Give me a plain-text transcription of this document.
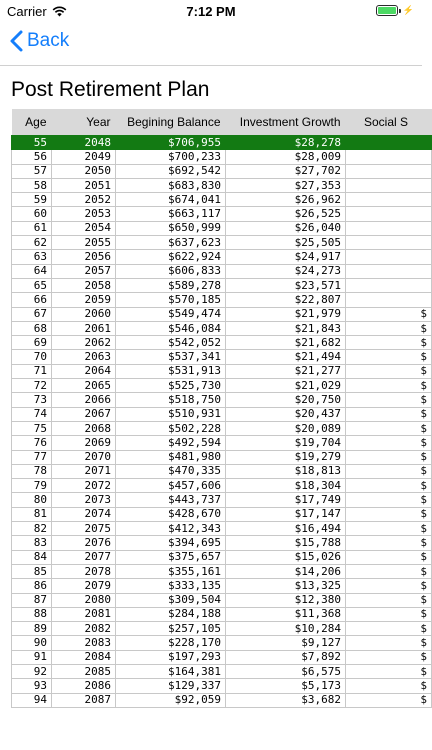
Carrier	7:12 PM	⚡
Back
Post Retirement Plan
Age	Year	Begining Balance	Investment Growth	Social S
55	2048	$706,955	$28,278	
56	2049	$700,233	$28,009	
57	2050	$692,542	$27,702	
58	2051	$683,830	$27,353	
59	2052	$674,041	$26,962	
60	2053	$663,117	$26,525	
61	2054	$650,999	$26,040	
62	2055	$637,623	$25,505	
63	2056	$622,924	$24,917	
64	2057	$606,833	$24,273	
65	2058	$589,278	$23,571	
66	2059	$570,185	$22,807	
67	2060	$549,474	$21,979	$
68	2061	$546,084	$21,843	$
69	2062	$542,052	$21,682	$
70	2063	$537,341	$21,494	$
71	2064	$531,913	$21,277	$
72	2065	$525,730	$21,029	$
73	2066	$518,750	$20,750	$
74	2067	$510,931	$20,437	$
75	2068	$502,228	$20,089	$
76	2069	$492,594	$19,704	$
77	2070	$481,980	$19,279	$
78	2071	$470,335	$18,813	$
79	2072	$457,606	$18,304	$
80	2073	$443,737	$17,749	$
81	2074	$428,670	$17,147	$
82	2075	$412,343	$16,494	$
83	2076	$394,695	$15,788	$
84	2077	$375,657	$15,026	$
85	2078	$355,161	$14,206	$
86	2079	$333,135	$13,325	$
87	2080	$309,504	$12,380	$
88	2081	$284,188	$11,368	$
89	2082	$257,105	$10,284	$
90	2083	$228,170	$9,127	$
91	2084	$197,293	$7,892	$
92	2085	$164,381	$6,575	$
93	2086	$129,337	$5,173	$
94	2087	$92,059	$3,682	$
